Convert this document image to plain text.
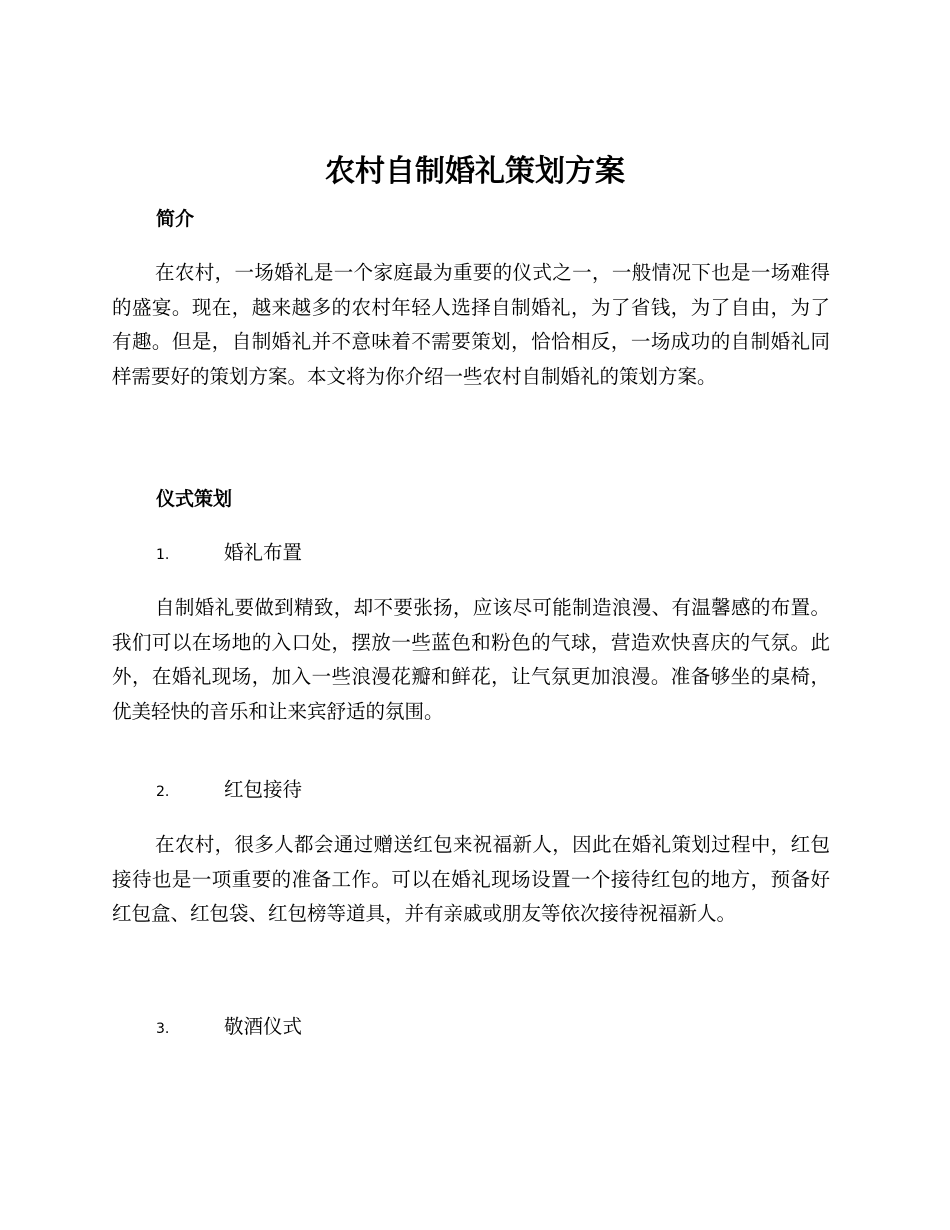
农村自制婚礼策划方案
简介

在农村，一场婚礼是一个家庭最为重要的仪式之一，一般情况下也是一场难得的盛宴。现在，越来越多的农村年轻人选择自制婚礼，为了省钱，为了自由，为了有趣。但是，自制婚礼并不意味着不需要策划，恰恰相反，一场成功的自制婚礼同样需要好的策划方案。本文将为你介绍一些农村自制婚礼的策划方案。

仪式策划
1.	婚礼布置

自制婚礼要做到精致，却不要张扬，应该尽可能制造浪漫、有温馨感的布置。我们可以在场地的入口处，摆放一些蓝色和粉色的气球，营造欢快喜庆的气氛。此外，在婚礼现场，加入一些浪漫花瓣和鲜花，让气氛更加浪漫。准备够坐的桌椅，优美轻快的音乐和让来宾舒适的氛围。

2.	红包接待

在农村，很多人都会通过赠送红包来祝福新人，因此在婚礼策划过程中，红包接待也是一项重要的准备工作。可以在婚礼现场设置一个接待红包的地方，预备好红包盒、红包袋、红包榜等道具，并有亲戚或朋友等依次接待祝福新人。

3.	敬酒仪式
